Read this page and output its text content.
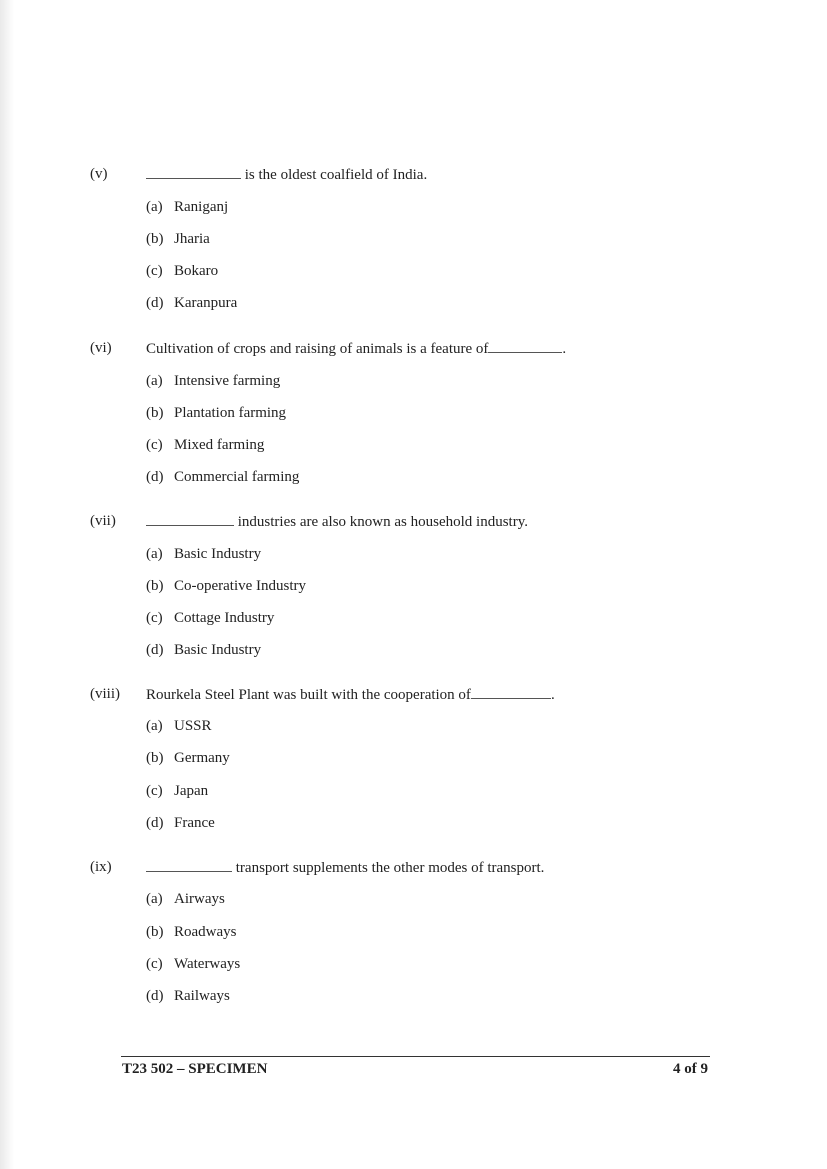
(v)	is the oldest coalfield of India.
(a) Raniganj
(b) Jharia
(c) Bokaro
(d) Karanpura
(vi) Cultivation of crops and raising of animals is a feature of	.
(a) Intensive farming
(b) Plantation farming
(c) Mixed farming
(d) Commercial farming
(vii)	industries are also known as household industry.
(a) Basic Industry
(b) Co-operative Industry
(c) Cottage Industry
(d) Basic Industry
(viii) Rourkela Steel Plant was built with the cooperation of	.
(a) USSR
(b) Germany
(c) Japan
(d) France
(ix)	transport supplements the other modes of transport.
(a) Airways
(b) Roadways
(c) Waterways
(d) Railways
T23 502 – SPECIMEN	4 of 9
